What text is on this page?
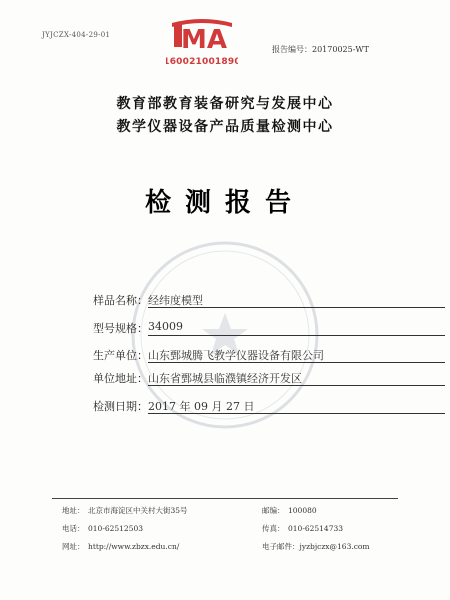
JYJCZX-404-29-01	MA
160021001890
报告编号：20170025-WT
教育部教育装备研究与发展中心
教学仪器设备产品质量检测中心
检测报告
样品名称： 经纬度模型
型号规格： 34009
生产单位： 山东鄄城腾飞教学仪器设备有限公司
单位地址： 山东省鄄城县临濮镇经济开发区
检测日期： 2017 年 09 月 27 日
地址： 北京市海淀区中关村大街35号	邮编： 100080
电话： 010-62512503	传真： 010-62514733
网址： http://www.zbzx.edu.cn/	电子邮件：jyzbjczx@163.com
